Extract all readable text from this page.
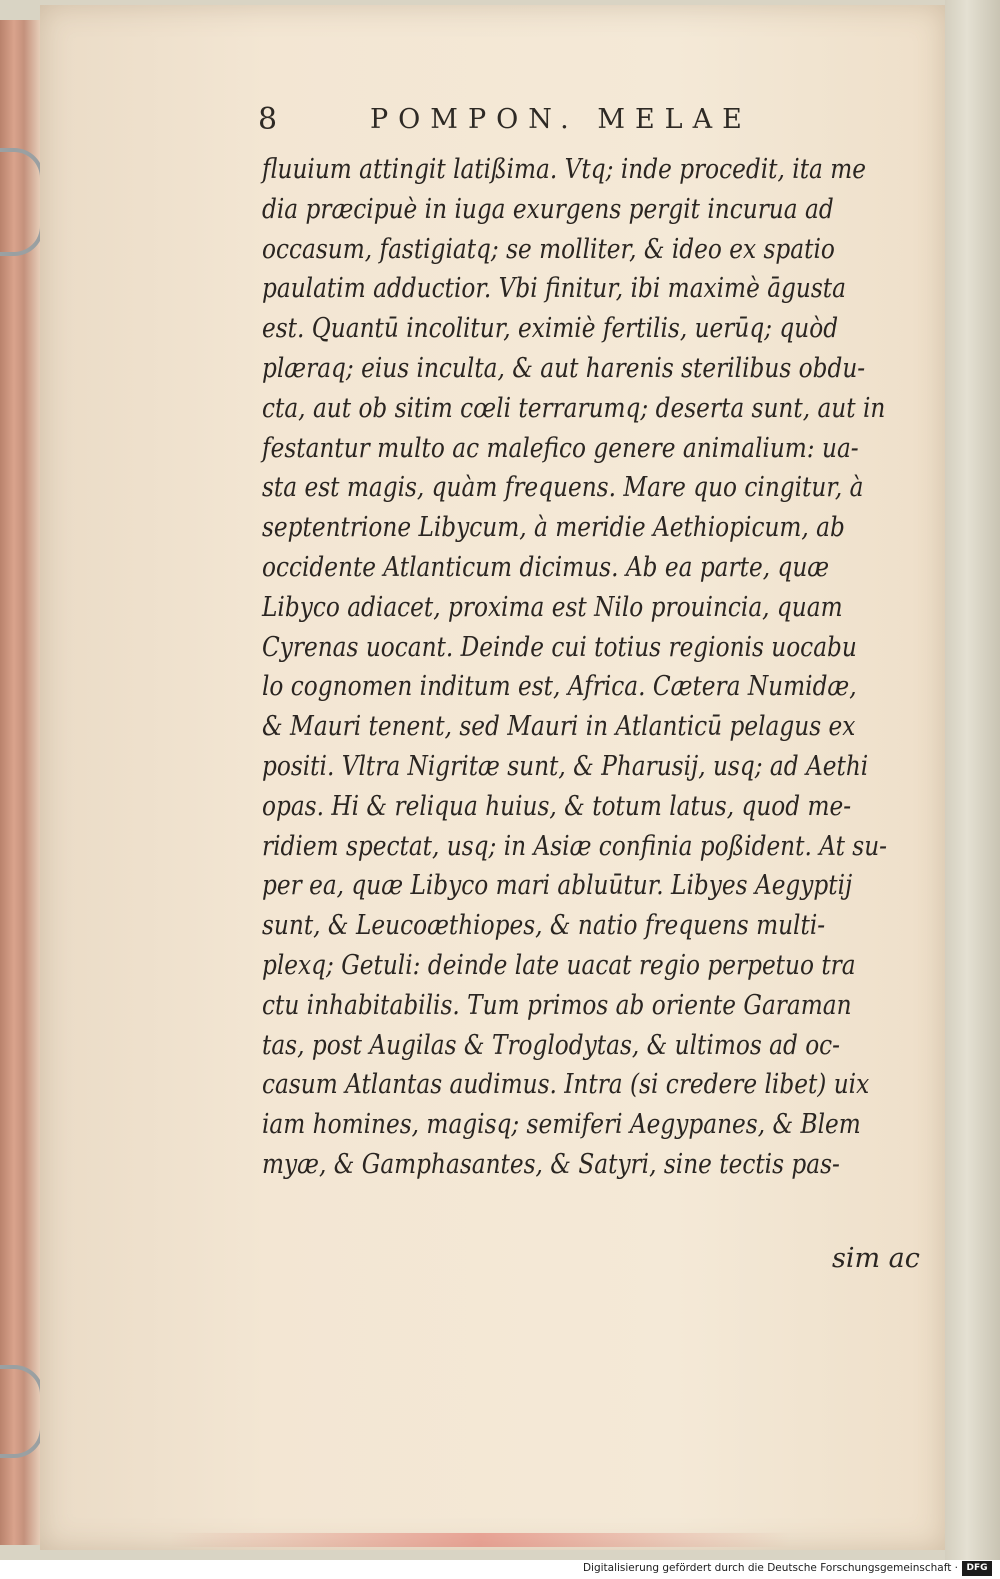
8	POMPON. MELAE
fluuium attingit latißima. Vtq; inde procedit, ita me
dia præcipuè in iuga exurgens pergit incurua ad
occasum, fastigiatq; se molliter, & ideo ex spatio
paulatim adductior. Vbi finitur, ibi maximè āgusta
est. Quantū incolitur, eximiè fertilis, uerūq; quòd
plæraq; eius inculta, & aut harenis sterilibus obdu-
cta, aut ob sitim cœli terrarumq; deserta sunt, aut in
festantur multo ac malefico genere animalium: ua-
sta est magis, quàm frequens. Mare quo cingitur, à
septentrione Libycum, à meridie Aethiopicum, ab
occidente Atlanticum dicimus. Ab ea parte, quæ
Libyco adiacet, proxima est Nilo prouincia, quam
Cyrenas uocant. Deinde cui totius regionis uocabu
lo cognomen inditum est, Africa. Cætera Numidæ,
& Mauri tenent, sed Mauri in Atlanticū pelagus ex
positi. Vltra Nigritæ sunt, & Pharusij, usq; ad Aethi
opas. Hi & reliqua huius, & totum latus, quod me-
ridiem spectat, usq; in Asiæ confinia poßident. At su-
per ea, quæ Libyco mari abluūtur. Libyes Aegyptij
sunt, & Leucoæthiopes, & natio frequens multi-
plexq; Getuli: deinde late uacat regio perpetuo tra
ctu inhabitabilis. Tum primos ab oriente Garaman
tas, post Augilas & Troglodytas, & ultimos ad oc-
casum Atlantas audimus. Intra (si credere libet) uix
iam homines, magisq; semiferi Aegypanes, & Blem
myæ, & Gamphasantes, & Satyri, sine tectis pas-
sim ac
Digitalisierung gefördert durch die Deutsche Forschungsgemeinschaft · DFG
